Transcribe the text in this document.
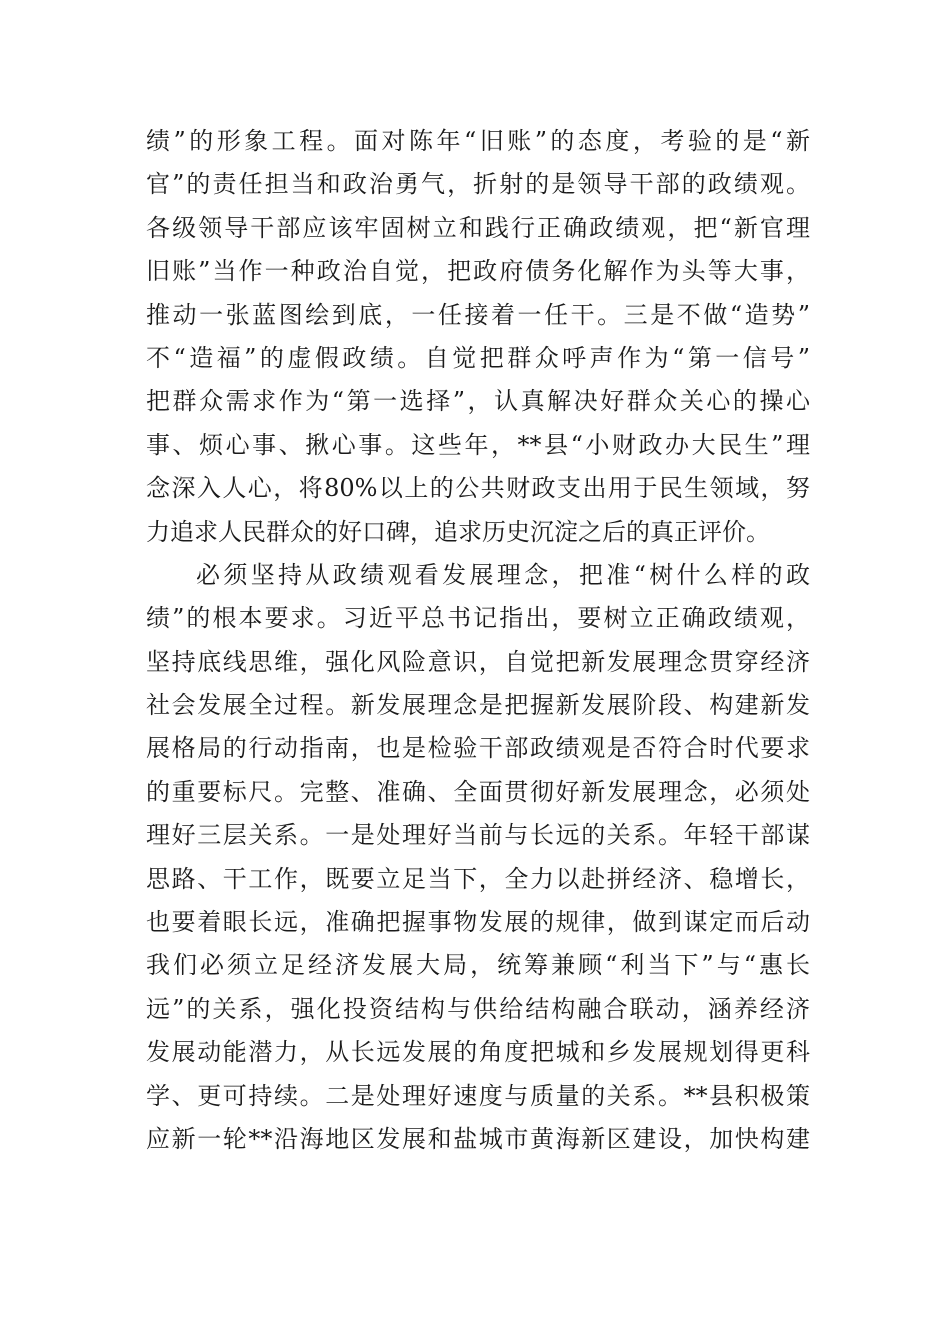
绩”的形象工程。面对陈年“旧账”的态度，考验的是“新
官”的责任担当和政治勇气，折射的是领导干部的政绩观。
各级领导干部应该牢固树立和践行正确政绩观，把“新官理
旧账”当作一种政治自觉，把政府债务化解作为头等大事，
推动一张蓝图绘到底，一任接着一任干。三是不做“造势”
不“造福”的虚假政绩。自觉把群众呼声作为“第一信号”
把群众需求作为“第一选择”，认真解决好群众关心的操心
事、烦心事、揪心事。这些年，**县“小财政办大民生”理
念深入人心，将80%以上的公共财政支出用于民生领域，努
力追求人民群众的好口碑，追求历史沉淀之后的真正评价。
必须坚持从政绩观看发展理念，把准“树什么样的政
绩”的根本要求。习近平总书记指出，要树立正确政绩观，
坚持底线思维，强化风险意识，自觉把新发展理念贯穿经济
社会发展全过程。新发展理念是把握新发展阶段、构建新发
展格局的行动指南，也是检验干部政绩观是否符合时代要求
的重要标尺。完整、准确、全面贯彻好新发展理念，必须处
理好三层关系。一是处理好当前与长远的关系。年轻干部谋
思路、干工作，既要立足当下，全力以赴拼经济、稳增长，
也要着眼长远，准确把握事物发展的规律，做到谋定而后动
我们必须立足经济发展大局，统筹兼顾“利当下”与“惠长
远”的关系，强化投资结构与供给结构融合联动，涵养经济
发展动能潜力，从长远发展的角度把城和乡发展规划得更科
学、更可持续。二是处理好速度与质量的关系。**县积极策
应新一轮**沿海地区发展和盐城市黄海新区建设，加快构建
